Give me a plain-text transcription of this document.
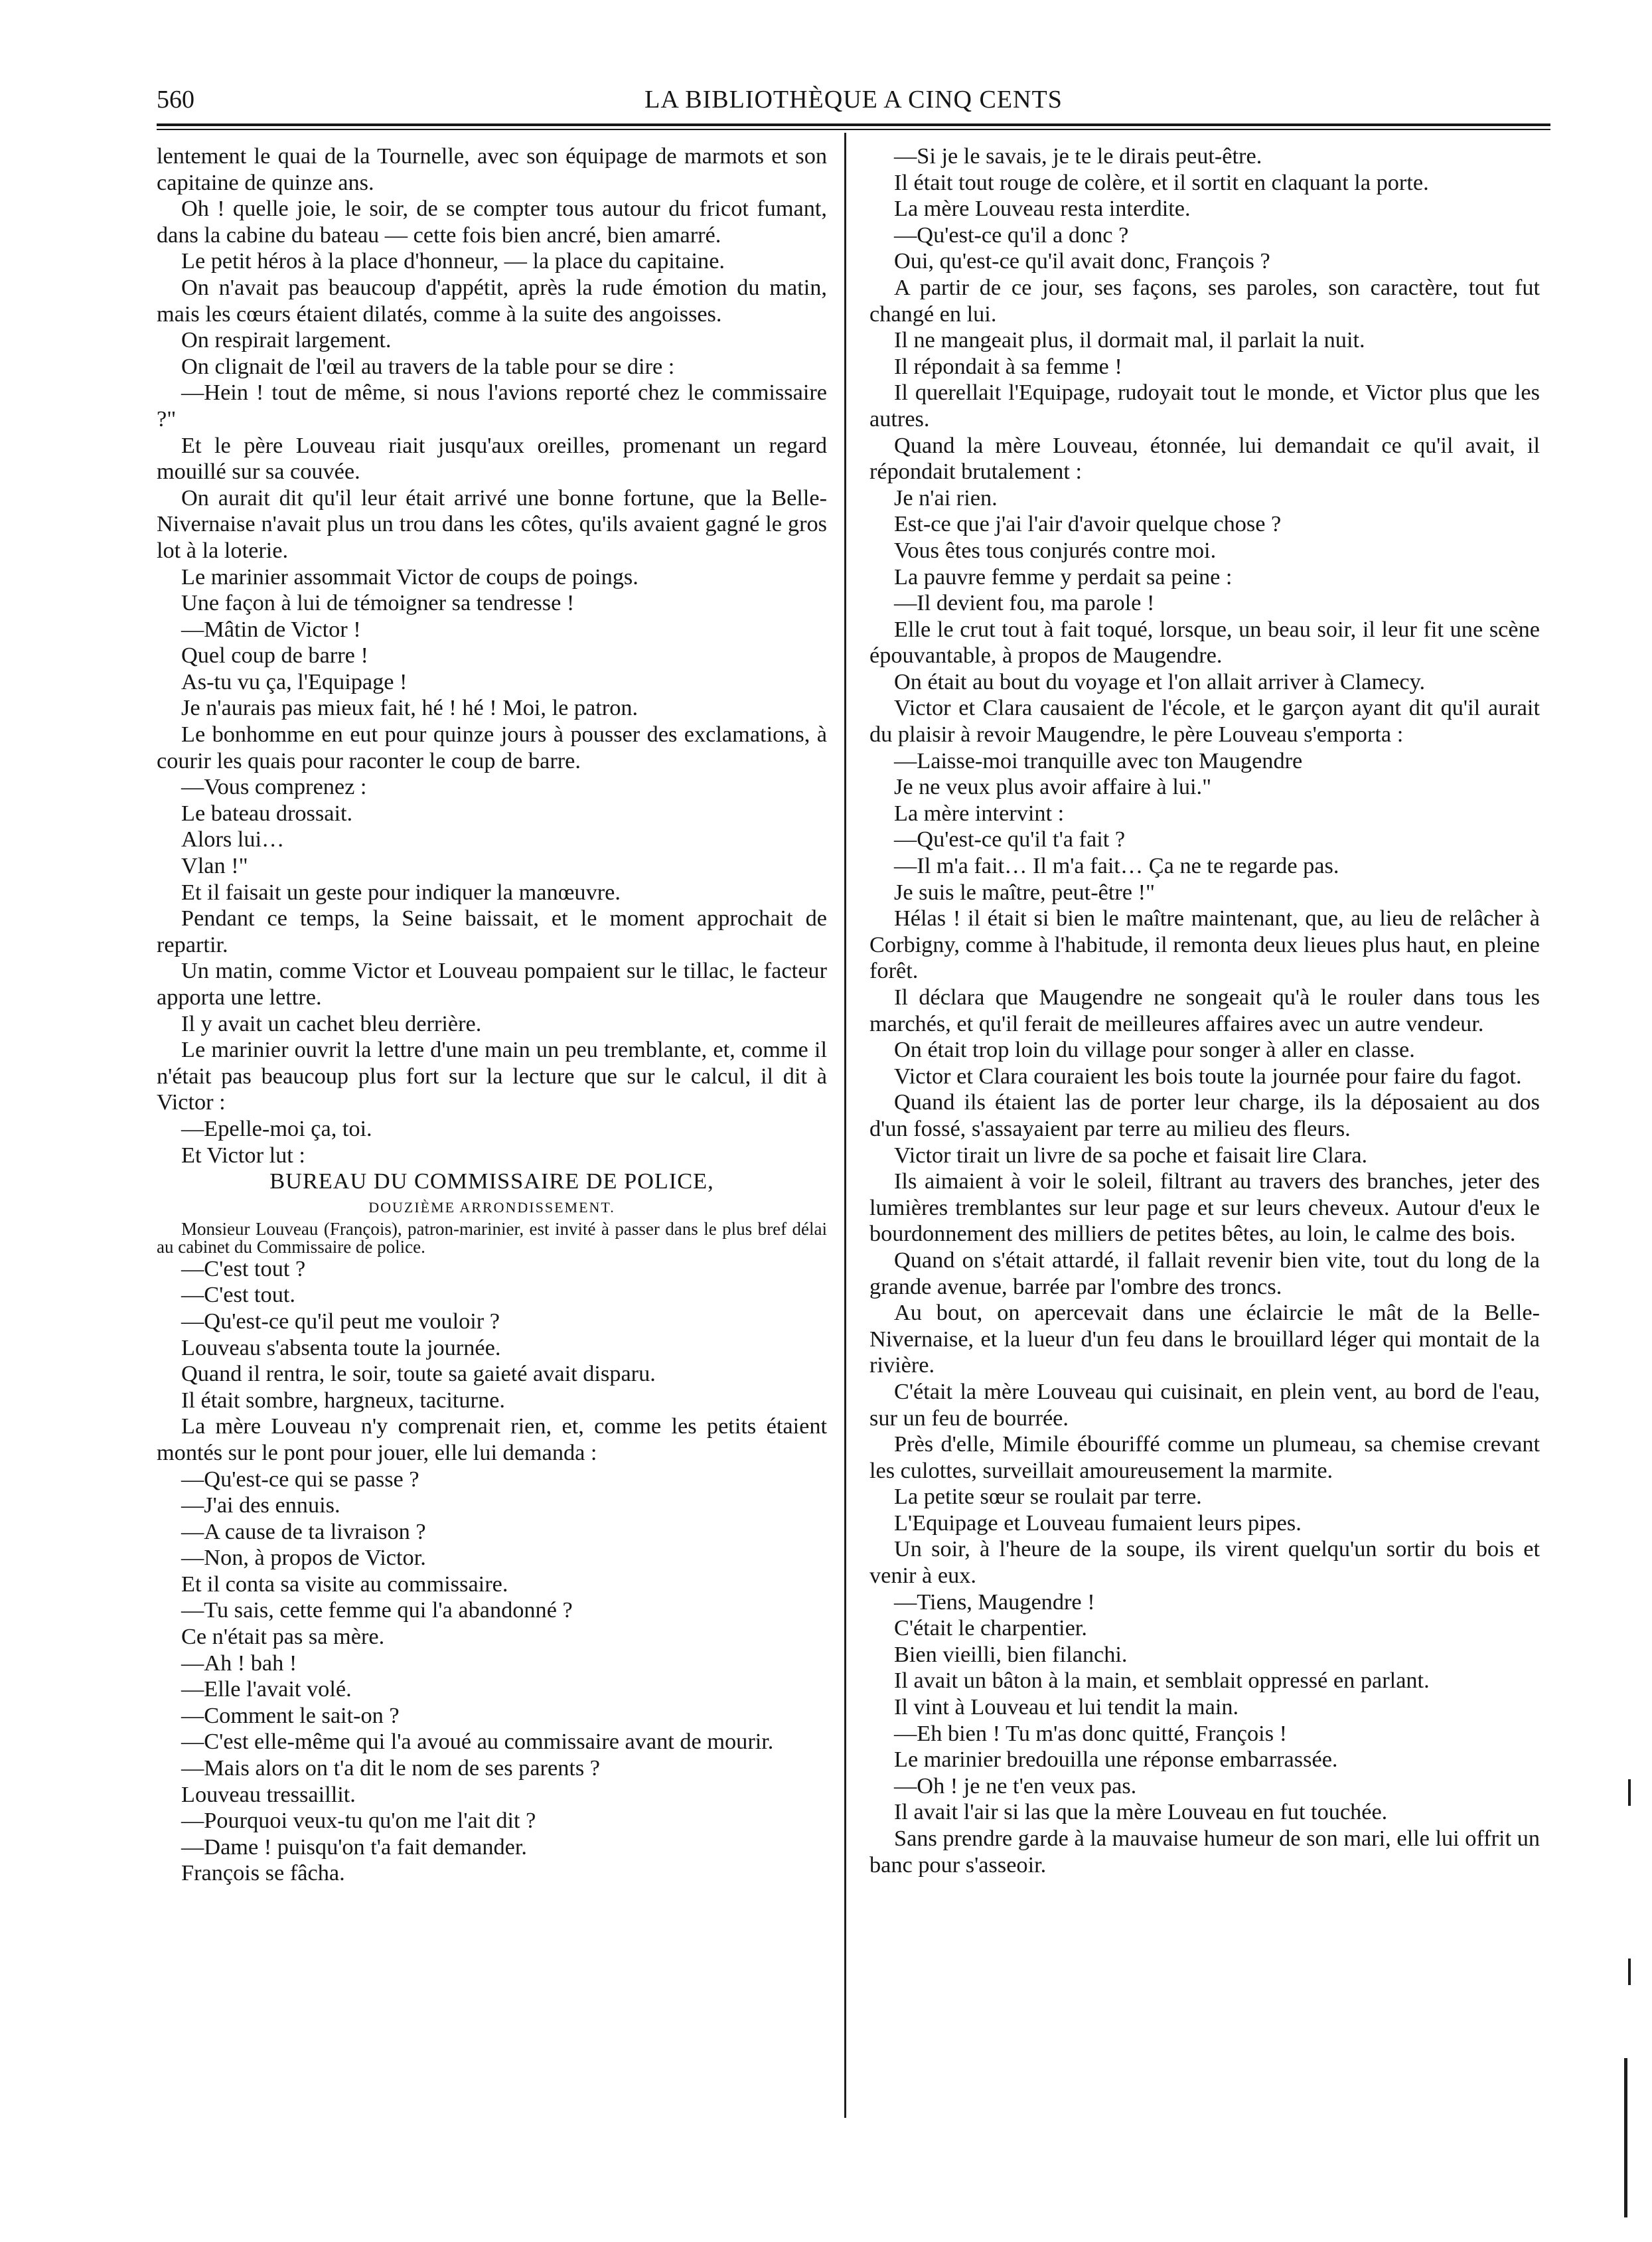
560	LA BIBLIOTHÈQUE A CINQ CENTS

lentement le quai de la Tournelle, avec son équipage de marmots et son capitaine de quinze ans.

Oh ! quelle joie, le soir, de se compter tous autour du fricot fumant, dans la cabine du bateau — cette fois bien ancré, bien amarré.

Le petit héros à la place d'honneur, — la place du capitaine.

On n'avait pas beaucoup d'appétit, après la rude émotion du matin, mais les cœurs étaient dilatés, comme à la suite des angoisses.

On respirait largement.

On clignait de l'œil au travers de la table pour se dire :

—Hein ! tout de même, si nous l'avions reporté chez le commissaire ?"

Et le père Louveau riait jusqu'aux oreilles, promenant un regard mouillé sur sa couvée.

On aurait dit qu'il leur était arrivé une bonne fortune, que la Belle-Nivernaise n'avait plus un trou dans les côtes, qu'ils avaient gagné le gros lot à la loterie.

Le marinier assommait Victor de coups de poings.

Une façon à lui de témoigner sa tendresse !

—Mâtin de Victor !

Quel coup de barre !

As-tu vu ça, l'Equipage !

Je n'aurais pas mieux fait, hé ! hé ! Moi, le patron.

Le bonhomme en eut pour quinze jours à pousser des exclamations, à courir les quais pour raconter le coup de barre.

—Vous comprenez :

Le bateau drossait.

Alors lui…

Vlan !"

Et il faisait un geste pour indiquer la manœuvre.

Pendant ce temps, la Seine baissait, et le moment approchait de repartir.

Un matin, comme Victor et Louveau pompaient sur le tillac, le facteur apporta une lettre.

Il y avait un cachet bleu derrière.

Le marinier ouvrit la lettre d'une main un peu tremblante, et, comme il n'était pas beaucoup plus fort sur la lecture que sur le calcul, il dit à Victor :

—Epelle-moi ça, toi.

Et Victor lut :

BUREAU DU COMMISSAIRE DE POLICE,

DOUZIÈME ARRONDISSEMENT.

Monsieur Louveau (François), patron-marinier, est invité à passer dans le plus bref délai au cabinet du Commissaire de police.

—C'est tout ?

—C'est tout.

—Qu'est-ce qu'il peut me vouloir ?

Louveau s'absenta toute la journée.

Quand il rentra, le soir, toute sa gaieté avait disparu.

Il était sombre, hargneux, taciturne.

La mère Louveau n'y comprenait rien, et, comme les petits étaient montés sur le pont pour jouer, elle lui demanda :

—Qu'est-ce qui se passe ?

—J'ai des ennuis.

—A cause de ta livraison ?

—Non, à propos de Victor.

Et il conta sa visite au commissaire.

—Tu sais, cette femme qui l'a abandonné ?

Ce n'était pas sa mère.

—Ah ! bah !

—Elle l'avait volé.

—Comment le sait-on ?

—C'est elle-même qui l'a avoué au commissaire avant de mourir.

—Mais alors on t'a dit le nom de ses parents ?

Louveau tressaillit.

—Pourquoi veux-tu qu'on me l'ait dit ?

—Dame ! puisqu'on t'a fait demander.

François se fâcha.

—Si je le savais, je te le dirais peut-être.

Il était tout rouge de colère, et il sortit en claquant la porte.

La mère Louveau resta interdite.

—Qu'est-ce qu'il a donc ?

Oui, qu'est-ce qu'il avait donc, François ?

A partir de ce jour, ses façons, ses paroles, son caractère, tout fut changé en lui.

Il ne mangeait plus, il dormait mal, il parlait la nuit.

Il répondait à sa femme !

Il querellait l'Equipage, rudoyait tout le monde, et Victor plus que les autres.

Quand la mère Louveau, étonnée, lui demandait ce qu'il avait, il répondait brutalement :

Je n'ai rien.

Est-ce que j'ai l'air d'avoir quelque chose ?

Vous êtes tous conjurés contre moi.

La pauvre femme y perdait sa peine :

—Il devient fou, ma parole !

Elle le crut tout à fait toqué, lorsque, un beau soir, il leur fit une scène épouvantable, à propos de Maugendre.

On était au bout du voyage et l'on allait arriver à Clamecy.

Victor et Clara causaient de l'école, et le garçon ayant dit qu'il aurait du plaisir à revoir Maugendre, le père Louveau s'emporta :

—Laisse-moi tranquille avec ton Maugendre

Je ne veux plus avoir affaire à lui."

La mère intervint :

—Qu'est-ce qu'il t'a fait ?

—Il m'a fait… Il m'a fait… Ça ne te regarde pas.

Je suis le maître, peut-être !"

Hélas ! il était si bien le maître maintenant, que, au lieu de relâcher à Corbigny, comme à l'habitude, il remonta deux lieues plus haut, en pleine forêt.

Il déclara que Maugendre ne songeait qu'à le rouler dans tous les marchés, et qu'il ferait de meilleures affaires avec un autre vendeur.

On était trop loin du village pour songer à aller en classe.

Victor et Clara couraient les bois toute la journée pour faire du fagot.

Quand ils étaient las de porter leur charge, ils la déposaient au dos d'un fossé, s'assayaient par terre au milieu des fleurs.

Victor tirait un livre de sa poche et faisait lire Clara.

Ils aimaient à voir le soleil, filtrant au travers des branches, jeter des lumières tremblantes sur leur page et sur leurs cheveux. Autour d'eux le bourdonnement des milliers de petites bêtes, au loin, le calme des bois.

Quand on s'était attardé, il fallait revenir bien vite, tout du long de la grande avenue, barrée par l'ombre des troncs.

Au bout, on apercevait dans une éclaircie le mât de la Belle-Nivernaise, et la lueur d'un feu dans le brouillard léger qui montait de la rivière.

C'était la mère Louveau qui cuisinait, en plein vent, au bord de l'eau, sur un feu de bourrée.

Près d'elle, Mimile ébouriffé comme un plumeau, sa chemise crevant les culottes, surveillait amoureusement la marmite.

La petite sœur se roulait par terre.

L'Equipage et Louveau fumaient leurs pipes.

Un soir, à l'heure de la soupe, ils virent quelqu'un sortir du bois et venir à eux.

—Tiens, Maugendre !

C'était le charpentier.

Bien vieilli, bien filanchi.

Il avait un bâton à la main, et semblait oppressé en parlant.

Il vint à Louveau et lui tendit la main.

—Eh bien ! Tu m'as donc quitté, François !

Le marinier bredouilla une réponse embarrassée.

—Oh ! je ne t'en veux pas.

Il avait l'air si las que la mère Louveau en fut touchée.

Sans prendre garde à la mauvaise humeur de son mari, elle lui offrit un banc pour s'asseoir.
